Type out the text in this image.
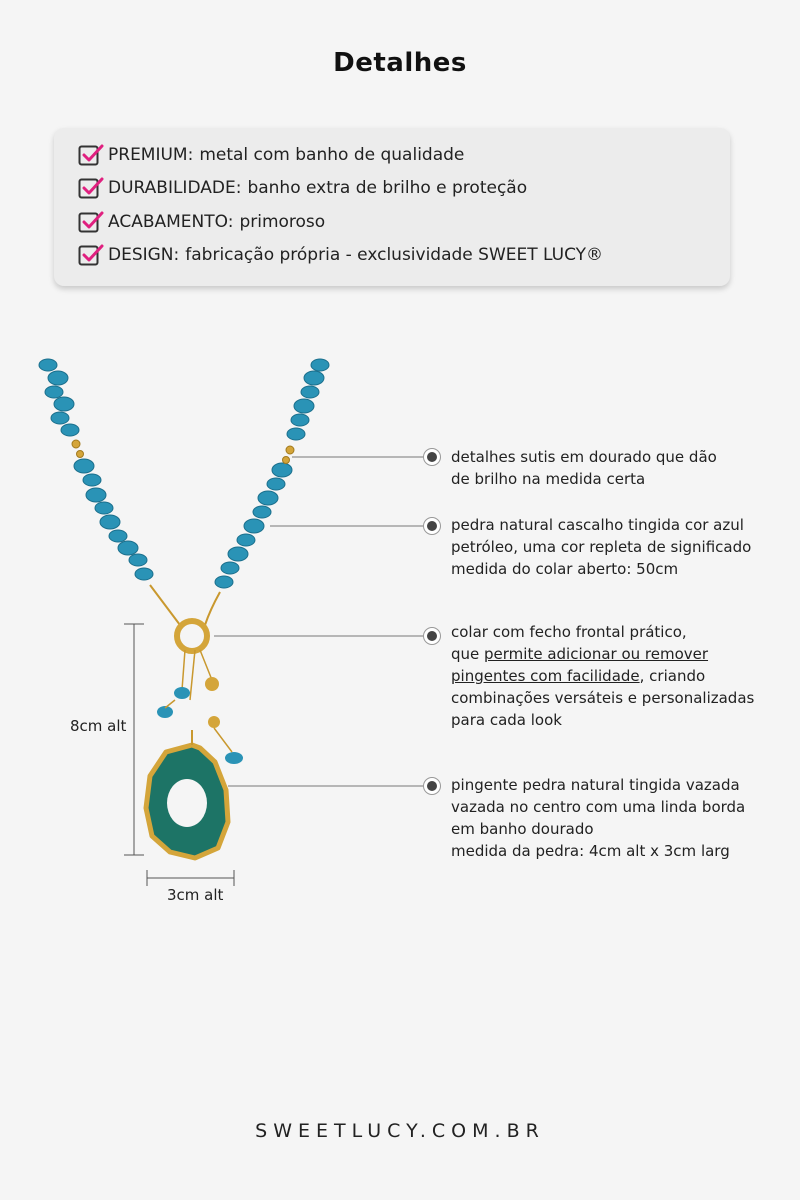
Detalhes
PREMIUM: metal com banho de qualidade
DURABILIDADE: banho extra de brilho e proteção
ACABAMENTO: primoroso
DESIGN: fabricação própria - exclusividade SWEET LUCY®
8cm alt
3cm alt
detalhes sutis em dourado que dão
de brilho na medida certa
pedra natural cascalho tingida cor azul
petróleo, uma cor repleta de significado
medida do colar aberto: 50cm
colar com fecho frontal prático,
que permite adicionar ou remover
pingentes com facilidade, criando
combinações versáteis e personalizadas
para cada look
pingente pedra natural tingida vazada
vazada no centro com uma linda borda
em banho dourado
medida da pedra: 4cm alt x 3cm larg
SWEETLUCY.COM.BR
